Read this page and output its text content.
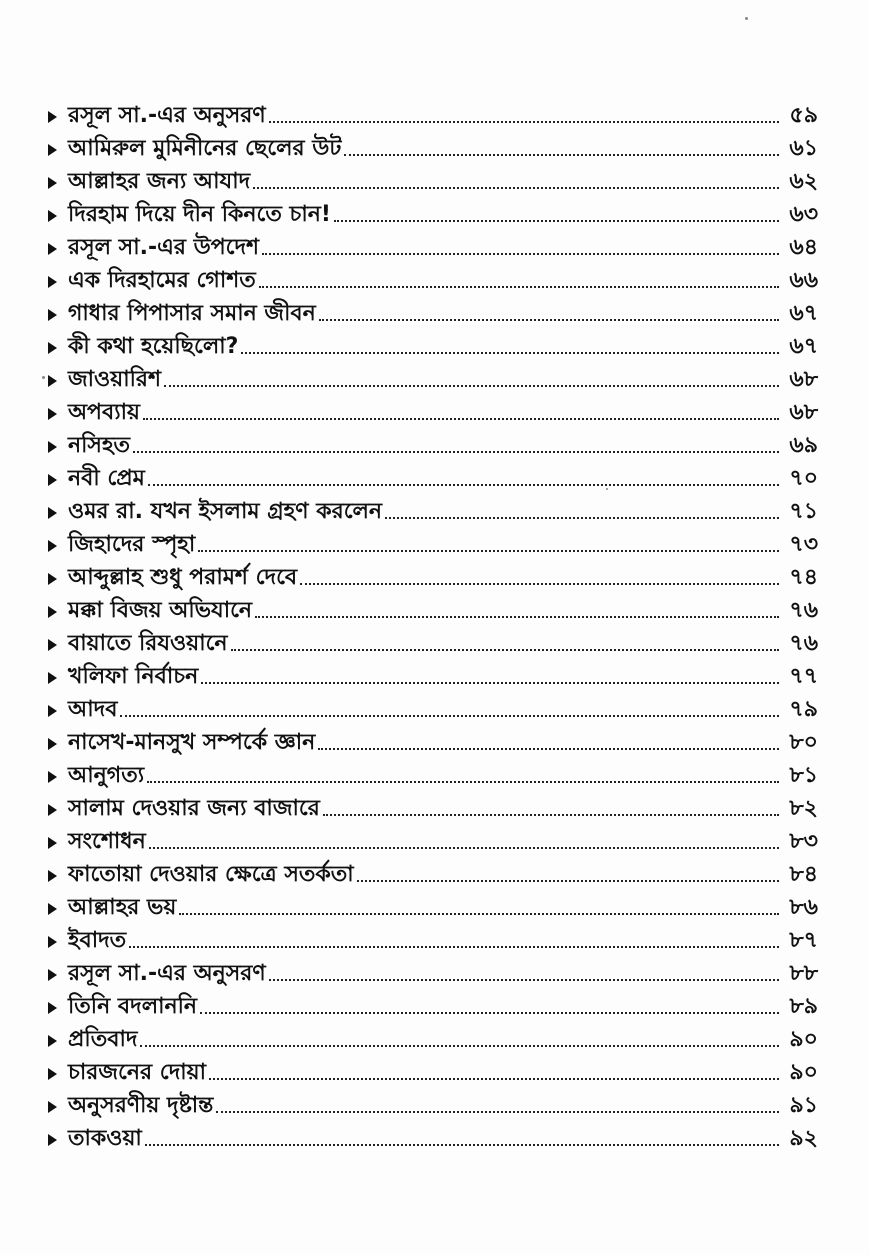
রসূল সা.-এর অনুসরণ	৫৯
আমিরুল মুমিনীনের ছেলের উট	৬১
আল্লাহর জন্য আযাদ	৬২
দিরহাম দিয়ে দীন কিনতে চান!	৬৩
রসূল সা.-এর উপদেশ	৬৪
এক দিরহামের গোশত	৬৬
গাধার পিপাসার সমান জীবন	৬৭
কী কথা হয়েছিলো?	৬৭
জাওয়ারিশ	৬৮
অপব্যায়	৬৮
নসিহত	৬৯
নবী প্রেম	৭০
ওমর রা. যখন ইসলাম গ্রহণ করলেন	৭১
জিহাদের স্পৃহা	৭৩
আব্দুল্লাহ শুধু পরামর্শ দেবে	৭৪
মক্কা বিজয় অভিযানে	৭৬
বায়াতে রিযওয়ানে	৭৬
খলিফা নির্বাচন	৭৭
আদব	৭৯
নাসেখ-মানসুখ সম্পর্কে জ্ঞান	৮০
আনুগত্য	৮১
সালাম দেওয়ার জন্য বাজারে	৮২
সংশোধন	৮৩
ফাতোয়া দেওয়ার ক্ষেত্রে সতর্কতা	৮৪
আল্লাহর ভয়	৮৬
ইবাদত	৮৭
রসূল সা.-এর অনুসরণ	৮৮
তিনি বদলাননি	৮৯
প্রতিবাদ	৯০
চারজনের দোয়া	৯০
অনুসরণীয় দৃষ্টান্ত	৯১
তাকওয়া	৯২
